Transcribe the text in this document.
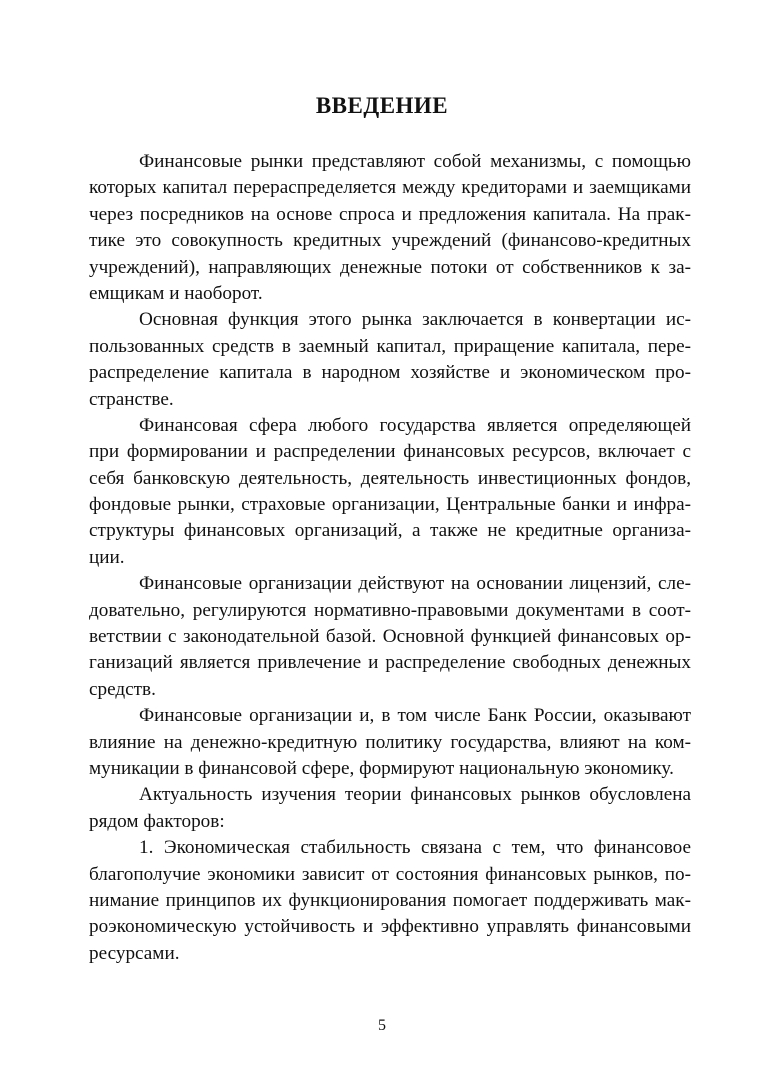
ВВЕДЕНИЕ
Финансовые рынки представляют собой механизмы, с помощью
которых капитал перераспределяется между кредиторами и заемщиками
через посредников на основе спроса и предложения капитала. На прак-
тике это совокупность кредитных учреждений (финансово-кредитных
учреждений), направляющих денежные потоки от собственников к за-
емщикам и наоборот.
Основная функция этого рынка заключается в конвертации ис-
пользованных средств в заемный капитал, приращение капитала, пере-
распределение капитала в народном хозяйстве и экономическом про-
странстве.
Финансовая сфера любого государства является определяющей
при формировании и распределении финансовых ресурсов, включает с
себя банковскую деятельность, деятельность инвестиционных фондов,
фондовые рынки, страховые организации, Центральные банки и инфра-
структуры финансовых организаций, а также не кредитные организа-
ции.
Финансовые организации действуют на основании лицензий, сле-
довательно, регулируются нормативно-правовыми документами в соот-
ветствии с законодательной базой. Основной функцией финансовых ор-
ганизаций является привлечение и распределение свободных денежных
средств.
Финансовые организации и, в том числе Банк России, оказывают
влияние на денежно-кредитную политику государства, влияют на ком-
муникации в финансовой сфере, формируют национальную экономику.
Актуальность изучения теории финансовых рынков обусловлена
рядом факторов:
1. Экономическая стабильность связана с тем, что финансовое
благополучие экономики зависит от состояния финансовых рынков, по-
нимание принципов их функционирования помогает поддерживать мак-
роэкономическую устойчивость и эффективно управлять финансовыми
ресурсами.
5
